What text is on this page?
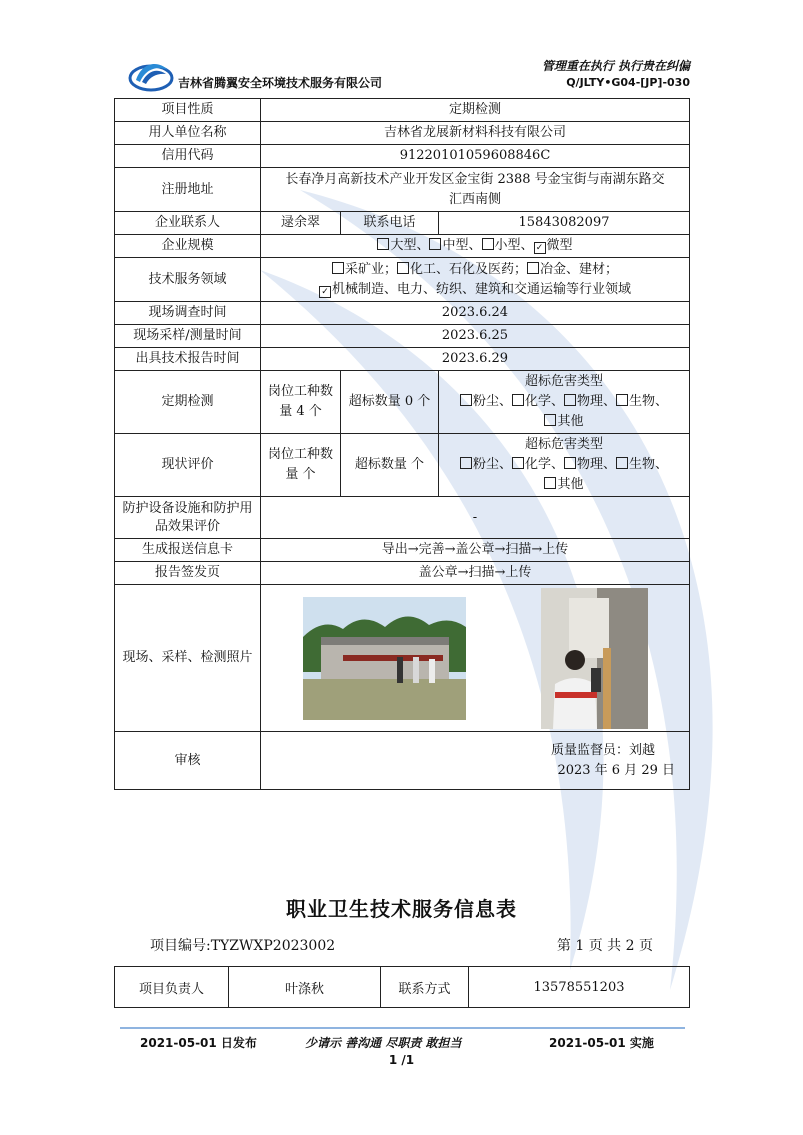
吉林省腾翼安全环境技术服务有限公司
管理重在执行 执行贵在纠偏
Q/JLTY•G04-[JP]-030
项目性质	定期检测		
用人单位名称	吉林省龙展新材料科技有限公司		
信用代码	91220101059608846C		
注册地址	长春净月高新技术产业开发区金宝街 2388 号金宝街与南湖东路交汇西南侧		
企业联系人	逯余翠	联系电话	15843082097
企业规模	大型、 中型、 小型、 ✓ 微型		
技术服务领域	采矿业； 化工、石化及医药； 冶金、建材；
✓ 机械制造、电力、纺织、建筑和交通运输等行业领域		
现场调查时间	2023.6.24		
现场采样/测量时间	2023.6.25		
出具技术报告时间	2023.6.29		
定期检测	岗位工种数量 4 个	超标数量 0 个	超标危害类型
粉尘、 化学、 物理、 生物、
其他
现状评价	岗位工种数量 个	超标数量 个	超标危害类型
粉尘、 化学、 物理、 生物、
其他
防护设备设施和防护用品效果评价	-		
生成报送信息卡	导出→完善→盖公章→扫描→上传		
报告签发页	盖公章→扫描→上传		
现场、采样、检测照片	

审核	质量监督员：刘越
2023 年 6 月 29 日		
职业卫生技术服务信息表
项目编号:TYZWXP2023002	第 1 页 共 2 页
项目负责人	叶涤秋	联系方式	13578551203
2021-05-01 日发布	少请示 善沟通 尽职责 敢担当	2021-05-01 实施
1 /1
